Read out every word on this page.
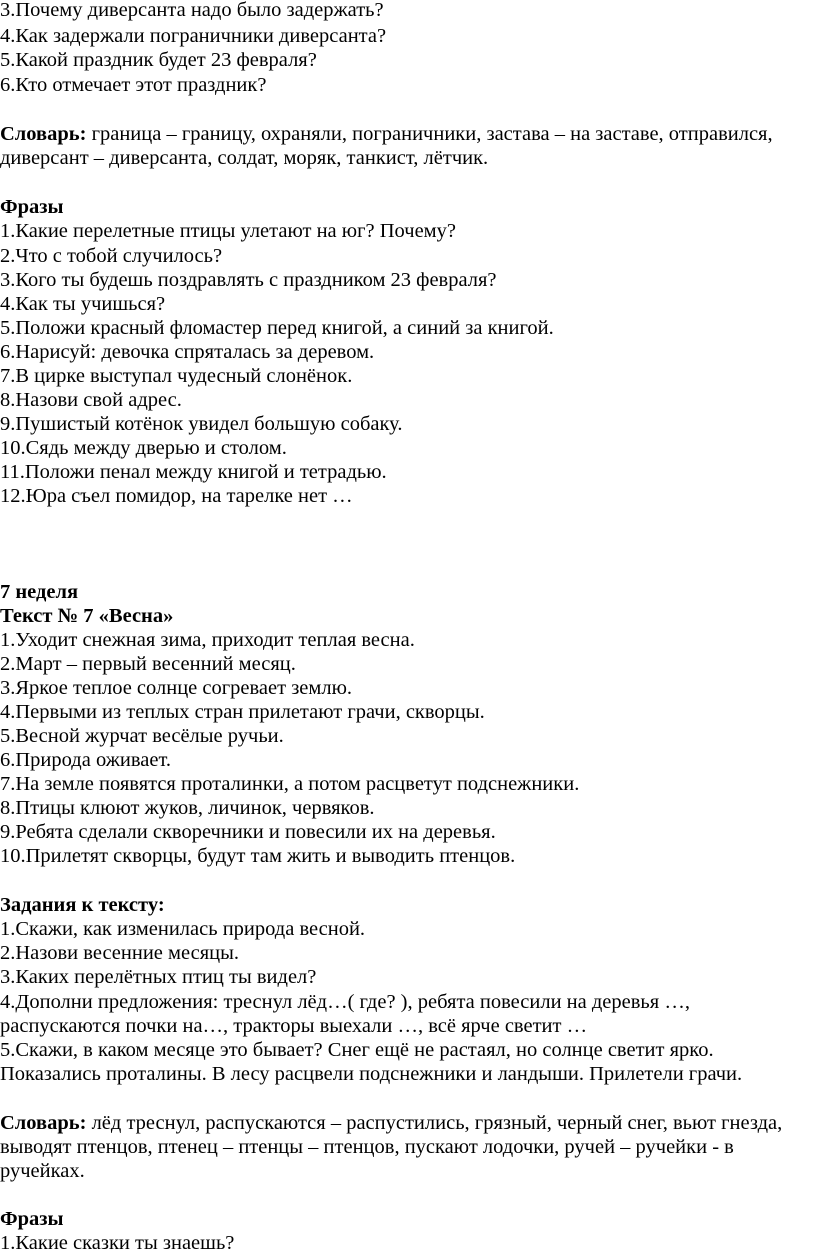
3.Почему диверсанта надо было задержать?
4.Как задержали пограничники диверсанта?
5.Какой праздник будет 23 февраля?
6.Кто отмечает этот праздник?
Словарь: граница – границу, охраняли, пограничники, застава – на заставе, отправился,
диверсант – диверсанта, солдат, моряк, танкист, лётчик.
Фразы
1.Какие перелетные птицы улетают на юг? Почему?
2.Что с тобой случилось?
3.Кого ты будешь поздравлять с праздником 23 февраля?
4.Как ты учишься?
5.Положи красный фломастер перед книгой, а синий за книгой.
6.Нарисуй: девочка спряталась за деревом.
7.В цирке выступал чудесный слонёнок.
8.Назови свой адрес.
9.Пушистый котёнок увидел большую собаку.
10.Сядь между дверью и столом.
11.Положи пенал между книгой и тетрадью.
12.Юра съел помидор, на тарелке нет …
7 неделя
Текст № 7 «Весна»
1.Уходит снежная зима, приходит теплая весна.
2.Март – первый весенний месяц.
3.Яркое теплое солнце согревает землю.
4.Первыми из теплых стран прилетают грачи, скворцы.
5.Весной журчат весёлые ручьи.
6.Природа оживает.
7.На земле появятся проталинки, а потом расцветут подснежники.
8.Птицы клюют жуков, личинок, червяков.
9.Ребята сделали скворечники и повесили их на деревья.
10.Прилетят скворцы, будут там жить и выводить птенцов.
Задания к тексту:
1.Скажи, как изменилась природа весной.
2.Назови весенние месяцы.
3.Каких перелётных птиц ты видел?
4.Дополни предложения: треснул лёд…( где? ), ребята повесили на деревья …,
распускаются почки на…, тракторы выехали …, всё ярче светит …
5.Скажи, в каком месяце это бывает? Снег ещё не растаял, но солнце светит ярко.
Показались проталины. В лесу расцвели подснежники и ландыши. Прилетели грачи.
Словарь: лёд треснул, распускаются – распустились, грязный, черный снег, вьют гнезда,
выводят птенцов, птенец – птенцы – птенцов, пускают лодочки, ручей – ручейки - в
ручейках.
Фразы
1.Какие сказки ты знаешь?
